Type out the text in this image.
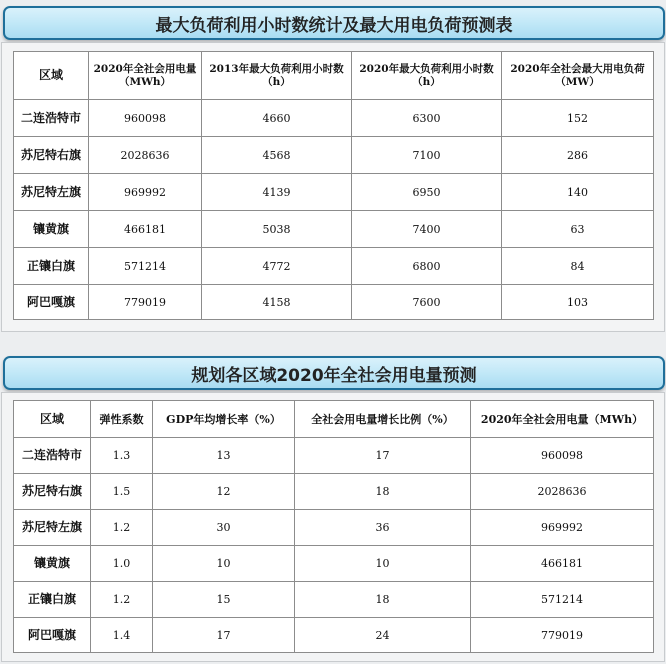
最大负荷利用小时数统计及最大用电负荷预测表
区域	2020年全社会用电量（MWh）	2013年最大负荷利用小时数（h）	2020年最大负荷利用小时数（h）	2020年全社会最大用电负荷（MW）
二连浩特市	960098	4660	6300	152
苏尼特右旗	2028636	4568	7100	286
苏尼特左旗	969992	4139	6950	140
镶黄旗	466181	5038	7400	63
正镶白旗	571214	4772	6800	84
阿巴嘎旗	779019	4158	7600	103
规划各区域2020年全社会用电量预测
区域	弹性系数	GDP年均增长率（%）	全社会用电量增长比例（%）	2020年全社会用电量（MWh）
二连浩特市	1.3	13	17	960098
苏尼特右旗	1.5	12	18	2028636
苏尼特左旗	1.2	30	36	969992
镶黄旗	1.0	10	10	466181
正镶白旗	1.2	15	18	571214
阿巴嘎旗	1.4	17	24	779019
